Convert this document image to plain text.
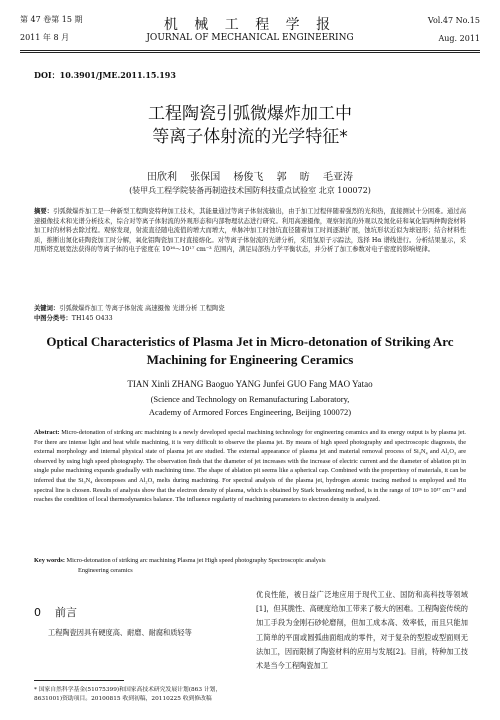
第 47 卷第 15 期
2011 年 8 月
机 械 工 程 学 报
JOURNAL OF MECHANICAL ENGINEERING
Vol.47 No.15
Aug. 2011
DOI：10.3901/JME.2011.15.193
工程陶瓷引弧微爆炸加工中
等离子体射流的光学特征*
田欣利 张保国 杨俊飞 郭 昉 毛亚涛
(装甲兵工程学院装备再制造技术国防科技重点试验室 北京 100072)
摘要：引弧微爆炸加工是一种新型工程陶瓷特种加工技术，其能量通过等离子体射流输出，由于加工过程伴随着强烈的光和热，直接测试十分困难。通过高速摄像技术和光谱分析技术，综合对等离子体射流的外观形态和内部物理状态进行研究。利用高速摄像，观察射流的外观以及氮化硅和氧化铝两种陶瓷材料加工时的材料去除过程。观察发现，射流直径随电流值的增大而增大，单脉冲加工时蚀坑直径随着加工时间逐渐扩展，蚀坑形状近似为球冠形；结合材料性质，推断出氮化硅陶瓷加工时分解，氧化铝陶瓷加工时直接熔化。对等离子体射流的光谱分析，采用氢原子示踪法，选择 Hα 谱线进行。分析结果显示，采用斯塔克展宽法获得的等离子体的电子密度在 10¹⁶～10¹⁷ cm⁻³ 范围内，满足局部热力学平衡状态，并分析了加工参数对电子密度的影响规律。
关键词：引弧微爆炸加工 等离子体射流 高速摄像 光谱分析 工程陶瓷
中图分类号：TH145 O433
Optical Characteristics of Plasma Jet in Micro-detonation of Striking Arc
Machining for Engineering Ceramics
TIAN Xinli ZHANG Baoguo YANG Junfei GUO Fang MAO Yatao
(Science and Technology on Remanufacturing Laboratory,
Academy of Armored Forces Engineering, Beijing 100072)
Abstract: Micro-detonation of striking arc machining is a newly developed special machining technology for engineering ceramics and its energy output is by plasma jet. For there are intense light and heat while machining, it is very difficult to observe the plasma jet. By means of high speed photography and spectroscopic diagnosis, the external morphology and internal physical state of plasma jet are studied. The external appearance of plasma jet and material removal process of Si₃N₄ and Al₂O₃ are observed by using high speed photography. The observation finds that the diameter of jet increases with the increase of electric current and the diameter of ablation pit in single pulse machining expands gradually with machining time. The shape of ablation pit seems like a spherical cap. Combined with the propertiesy of materials, it can be inferred that the Si₃N₄ decomposes and Al₂O₃ melts during machining. For spectral analysis of the plasma jet, hydrogen atomic tracing method is employed and Hα spectral line is chosen. Results of analysis show that the electron density of plasma, which is obtained by Stark broadening method, is in the range of 10¹⁶ to 10¹⁷ cm⁻³ and reaches the condition of local thermodynamics balance. The influence regularity of machining parameters to electron density is analyzed.
Key words: Micro-detonation of striking arc machining Plasma jet High speed photography Spectroscopic analysis
Engineering ceramics
0 前言
工程陶瓷因具有硬度高、耐磨、耐腐和质轻等
优良性能，被日益广泛地应用于现代工业、国防和高科技等领域[1]，但其脆性、高硬度给加工带来了极大的困难。工程陶瓷传统的加工手段为金刚石砂轮磨削，但加工成本高、效率低，而且只能加工简单的平面或圆弧曲面组成的零件，对于复杂的型腔或型面则无法加工，因而限制了陶瓷材料的应用与发展[2]。目前，特种加工技术是当今工程陶瓷加工
* 国家自然科学基金(51075399)和国家高技术研究发展计划(863 计划，8631001)资助项目。20100815 收到初稿，20110225 收到修改稿
